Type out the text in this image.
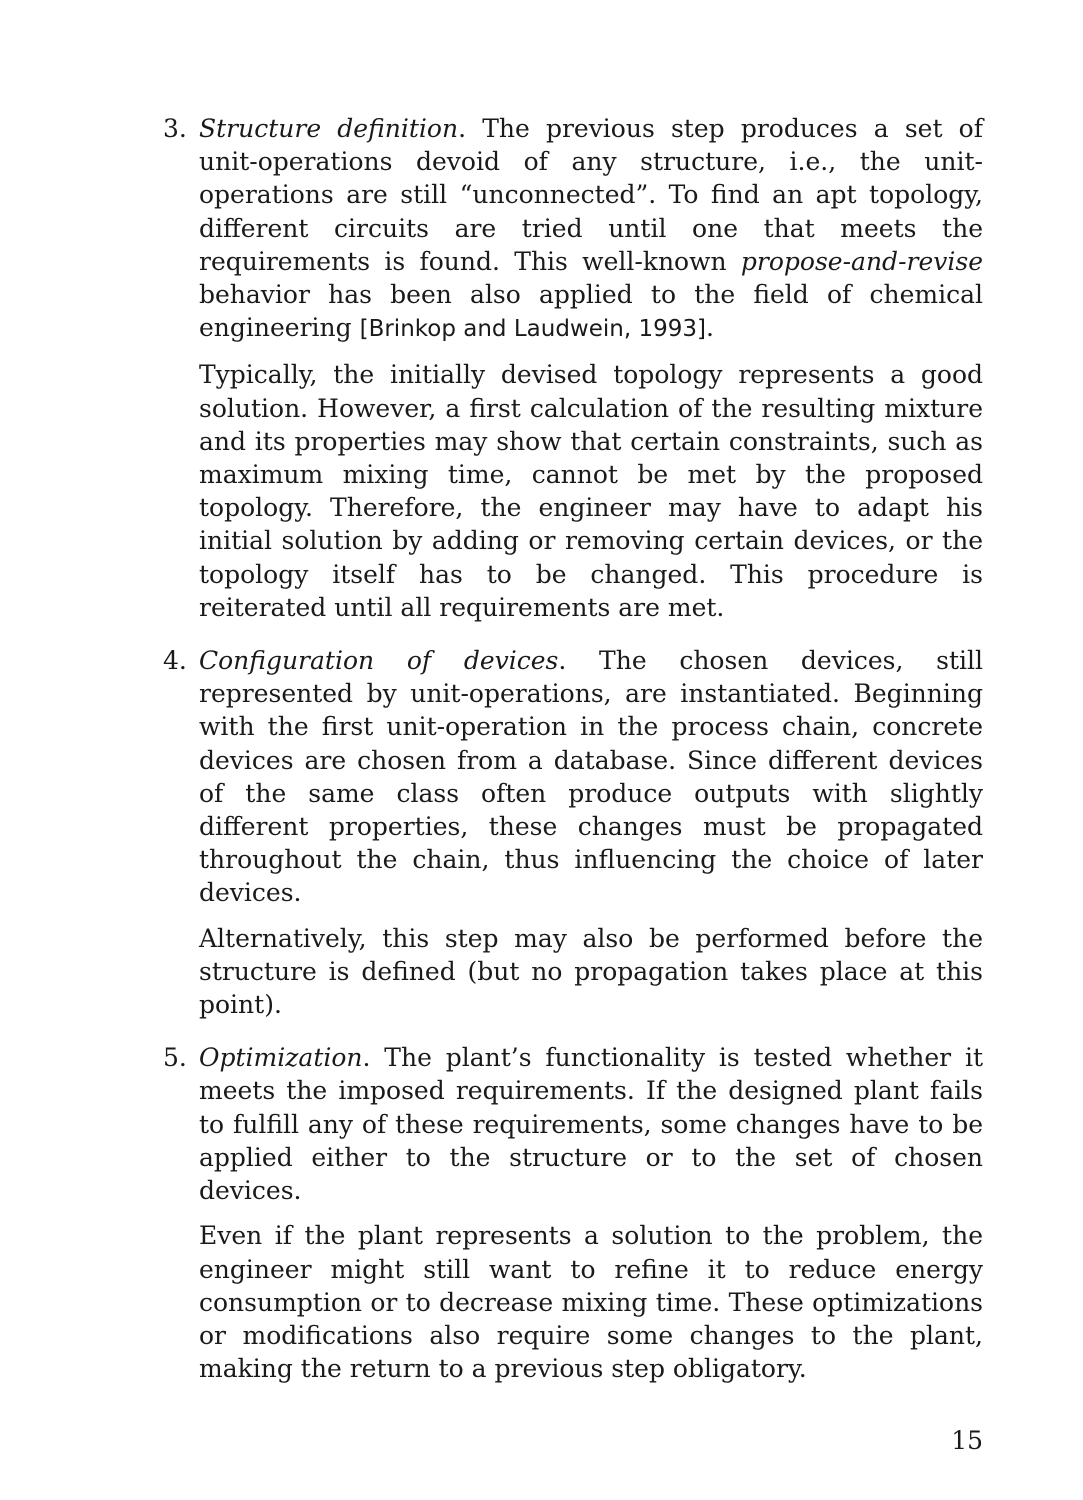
3. Structure definition. The previous step produces a set of unit-operations devoid of any structure, i.e., the unit-operations are still “unconnected”. To find an apt topology, different circuits are tried until one that meets the requirements is found. This well-known propose-and-revise behavior has been also applied to the field of chemical engineering [Brinkop and Laudwein, 1993].

Typically, the initially devised topology represents a good solution. However, a first calculation of the resulting mixture and its properties may show that certain constraints, such as maximum mixing time, cannot be met by the proposed topology. Therefore, the engineer may have to adapt his initial solution by adding or removing certain devices, or the topology itself has to be changed. This procedure is reiterated until all requirements are met.

4. Configuration of devices. The chosen devices, still represented by unit-operations, are instantiated. Beginning with the first unit-operation in the process chain, concrete devices are chosen from a database. Since different devices of the same class often produce outputs with slightly different properties, these changes must be propagated throughout the chain, thus influencing the choice of later devices.

Alternatively, this step may also be performed before the structure is defined (but no propagation takes place at this point).

5. Optimization. The plant’s functionality is tested whether it meets the imposed requirements. If the designed plant fails to fulfill any of these requirements, some changes have to be applied either to the structure or to the set of chosen devices.

Even if the plant represents a solution to the problem, the engineer might still want to refine it to reduce energy consumption or to decrease mixing time. These optimizations or modifications also require some changes to the plant, making the return to a previous step obligatory.

15
